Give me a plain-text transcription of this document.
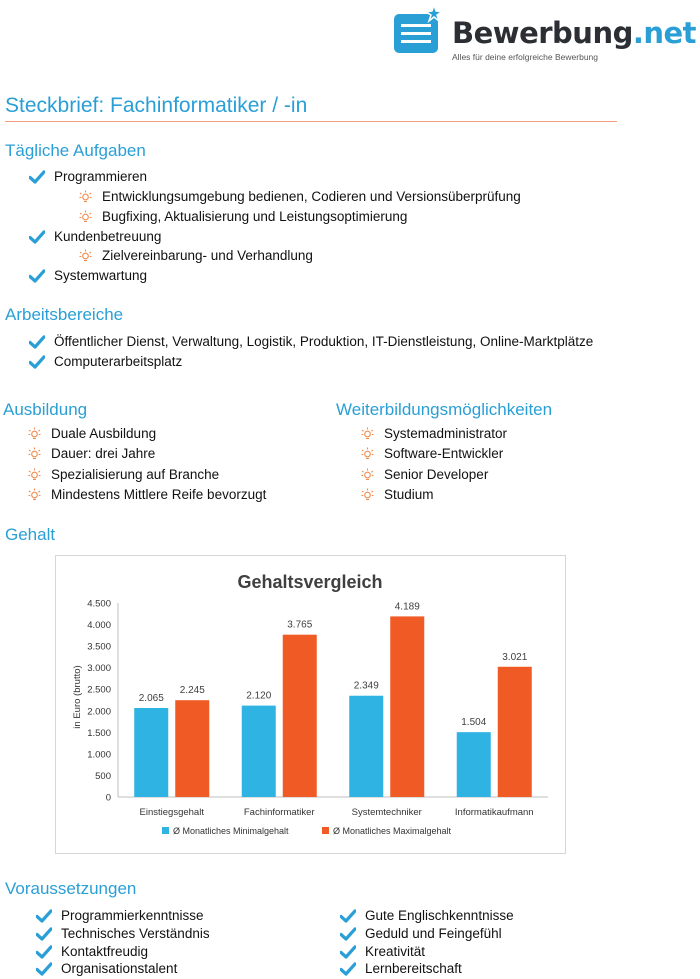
Bewerbung.net
Alles für deine erfolgreiche Bewerbung
Steckbrief: Fachinformatiker / -in
Tägliche Aufgaben
Programmieren
Entwicklungsumgebung bedienen, Codieren und Versionsüberprüfung
Bugfixing, Aktualisierung und Leistungsoptimierung
Kundenbetreuung
Zielvereinbarung- und Verhandlung
Systemwartung
Arbeitsbereiche
Öffentlicher Dienst, Verwaltung, Logistik, Produktion, IT-Dienstleistung, Online-Marktplätze
Computerarbeitsplatz
Ausbildung
Duale Ausbildung
Dauer: drei Jahre
Spezialisierung auf Branche
Mindestens Mittlere Reife bevorzugt
Weiterbildungsmöglichkeiten
Systemadministrator
Software-Entwickler
Senior Developer
Studium
Gehalt
Gehaltsvergleich
in Euro (brutto)
0
500
1.000
1.500
2.000
2.500
3.000
3.500
4.000
4.500
2.065
2.245	2.120
3.765
2.349
4.189
1.504
3.021
Einstiegsgehalt	Fachinformatiker	Systemtechniker	Informatikaufmann
Ø Monatliches Minimalgehalt	Ø Monatliches Maximalgehalt
Voraussetzungen
Programmierkenntnisse
Technisches Verständnis
Kontaktfreudig
Organisationstalent
Gute Englischkenntnisse
Geduld und Feingefühl
Kreativität
Lernbereitschaft
